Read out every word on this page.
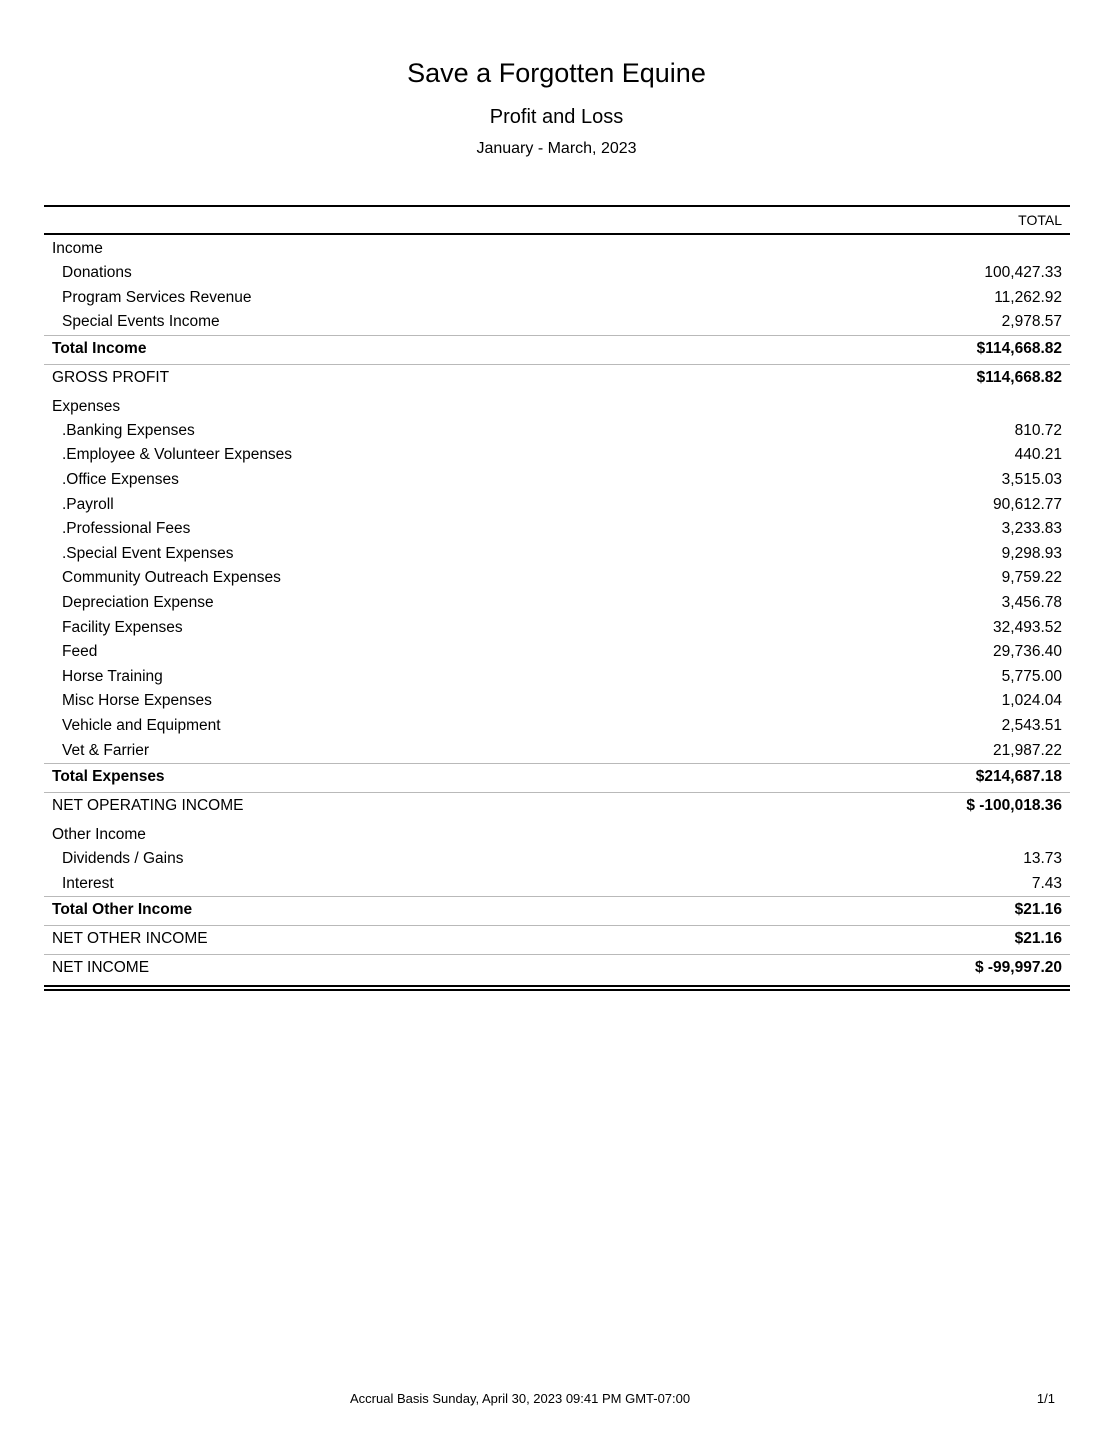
Save a Forgotten Equine
Profit and Loss
January - March, 2023
TOTAL
Income
Donations	100,427.33
Program Services Revenue	11,262.92
Special Events Income	2,978.57
Total Income	$114,668.82
GROSS PROFIT	$114,668.82
Expenses
.Banking Expenses	810.72
.Employee & Volunteer Expenses	440.21
.Office Expenses	3,515.03
.Payroll	90,612.77
.Professional Fees	3,233.83
.Special Event Expenses	9,298.93
Community Outreach Expenses	9,759.22
Depreciation Expense	3,456.78
Facility Expenses	32,493.52
Feed	29,736.40
Horse Training	5,775.00
Misc Horse Expenses	1,024.04
Vehicle and Equipment	2,543.51
Vet & Farrier	21,987.22
Total Expenses	$214,687.18
NET OPERATING INCOME	$ -100,018.36
Other Income
Dividends / Gains	13.73
Interest	7.43
Total Other Income	$21.16
NET OTHER INCOME	$21.16
NET INCOME	$ -99,997.20
Accrual Basis Sunday, April 30, 2023 09:41 PM GMT-07:00	1/1
